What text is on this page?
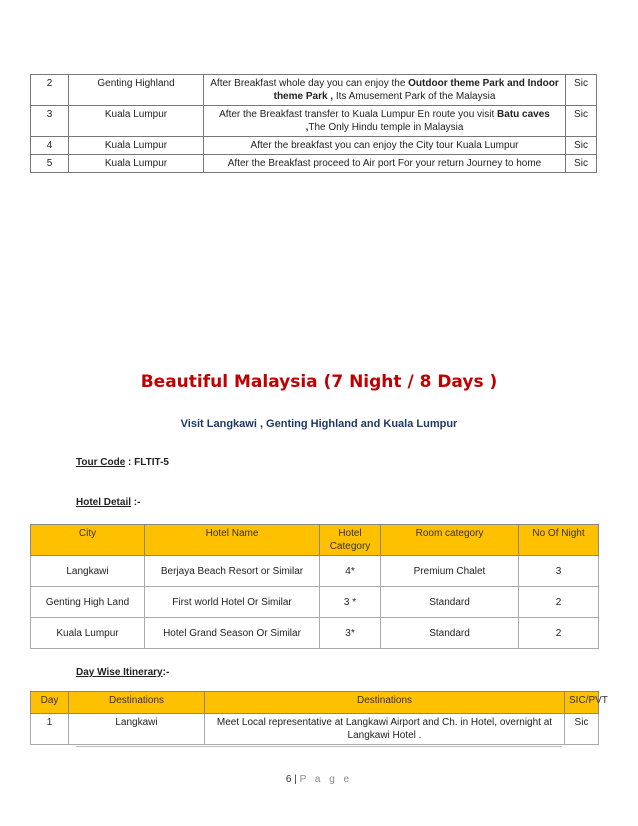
2	Genting Highland	After Breakfast whole day you can enjoy the Outdoor theme Park and Indoor theme Park , Its Amusement Park of the Malaysia	Sic
3	Kuala Lumpur	After the Breakfast transfer to Kuala Lumpur En route you visit Batu caves ,The Only Hindu temple in Malaysia	Sic
4	Kuala Lumpur	After the breakfast you can enjoy the City tour Kuala Lumpur	Sic
5	Kuala Lumpur	After the Breakfast proceed to Air port For your return Journey to home	Sic
Beautiful Malaysia (7 Night / 8 Days )
Visit Langkawi , Genting Highland and Kuala Lumpur
Tour Code : FLTIT-5
Hotel Detail :-
City	Hotel Name	Hotel Category	Room category	No Of Night
Langkawi	Berjaya Beach Resort or Similar	4*	Premium Chalet	3
Genting High Land	First world Hotel Or Similar	3 *	Standard	2
Kuala Lumpur	Hotel Grand Season Or Similar	3*	Standard	2
Day Wise Itinerary:-
Day	Destinations	Destinations	SIC/PVT
1	Langkawi	Meet Local representative at Langkawi Airport and Ch. in Hotel, overnight at Langkawi Hotel .	Sic
6 | P a g e
